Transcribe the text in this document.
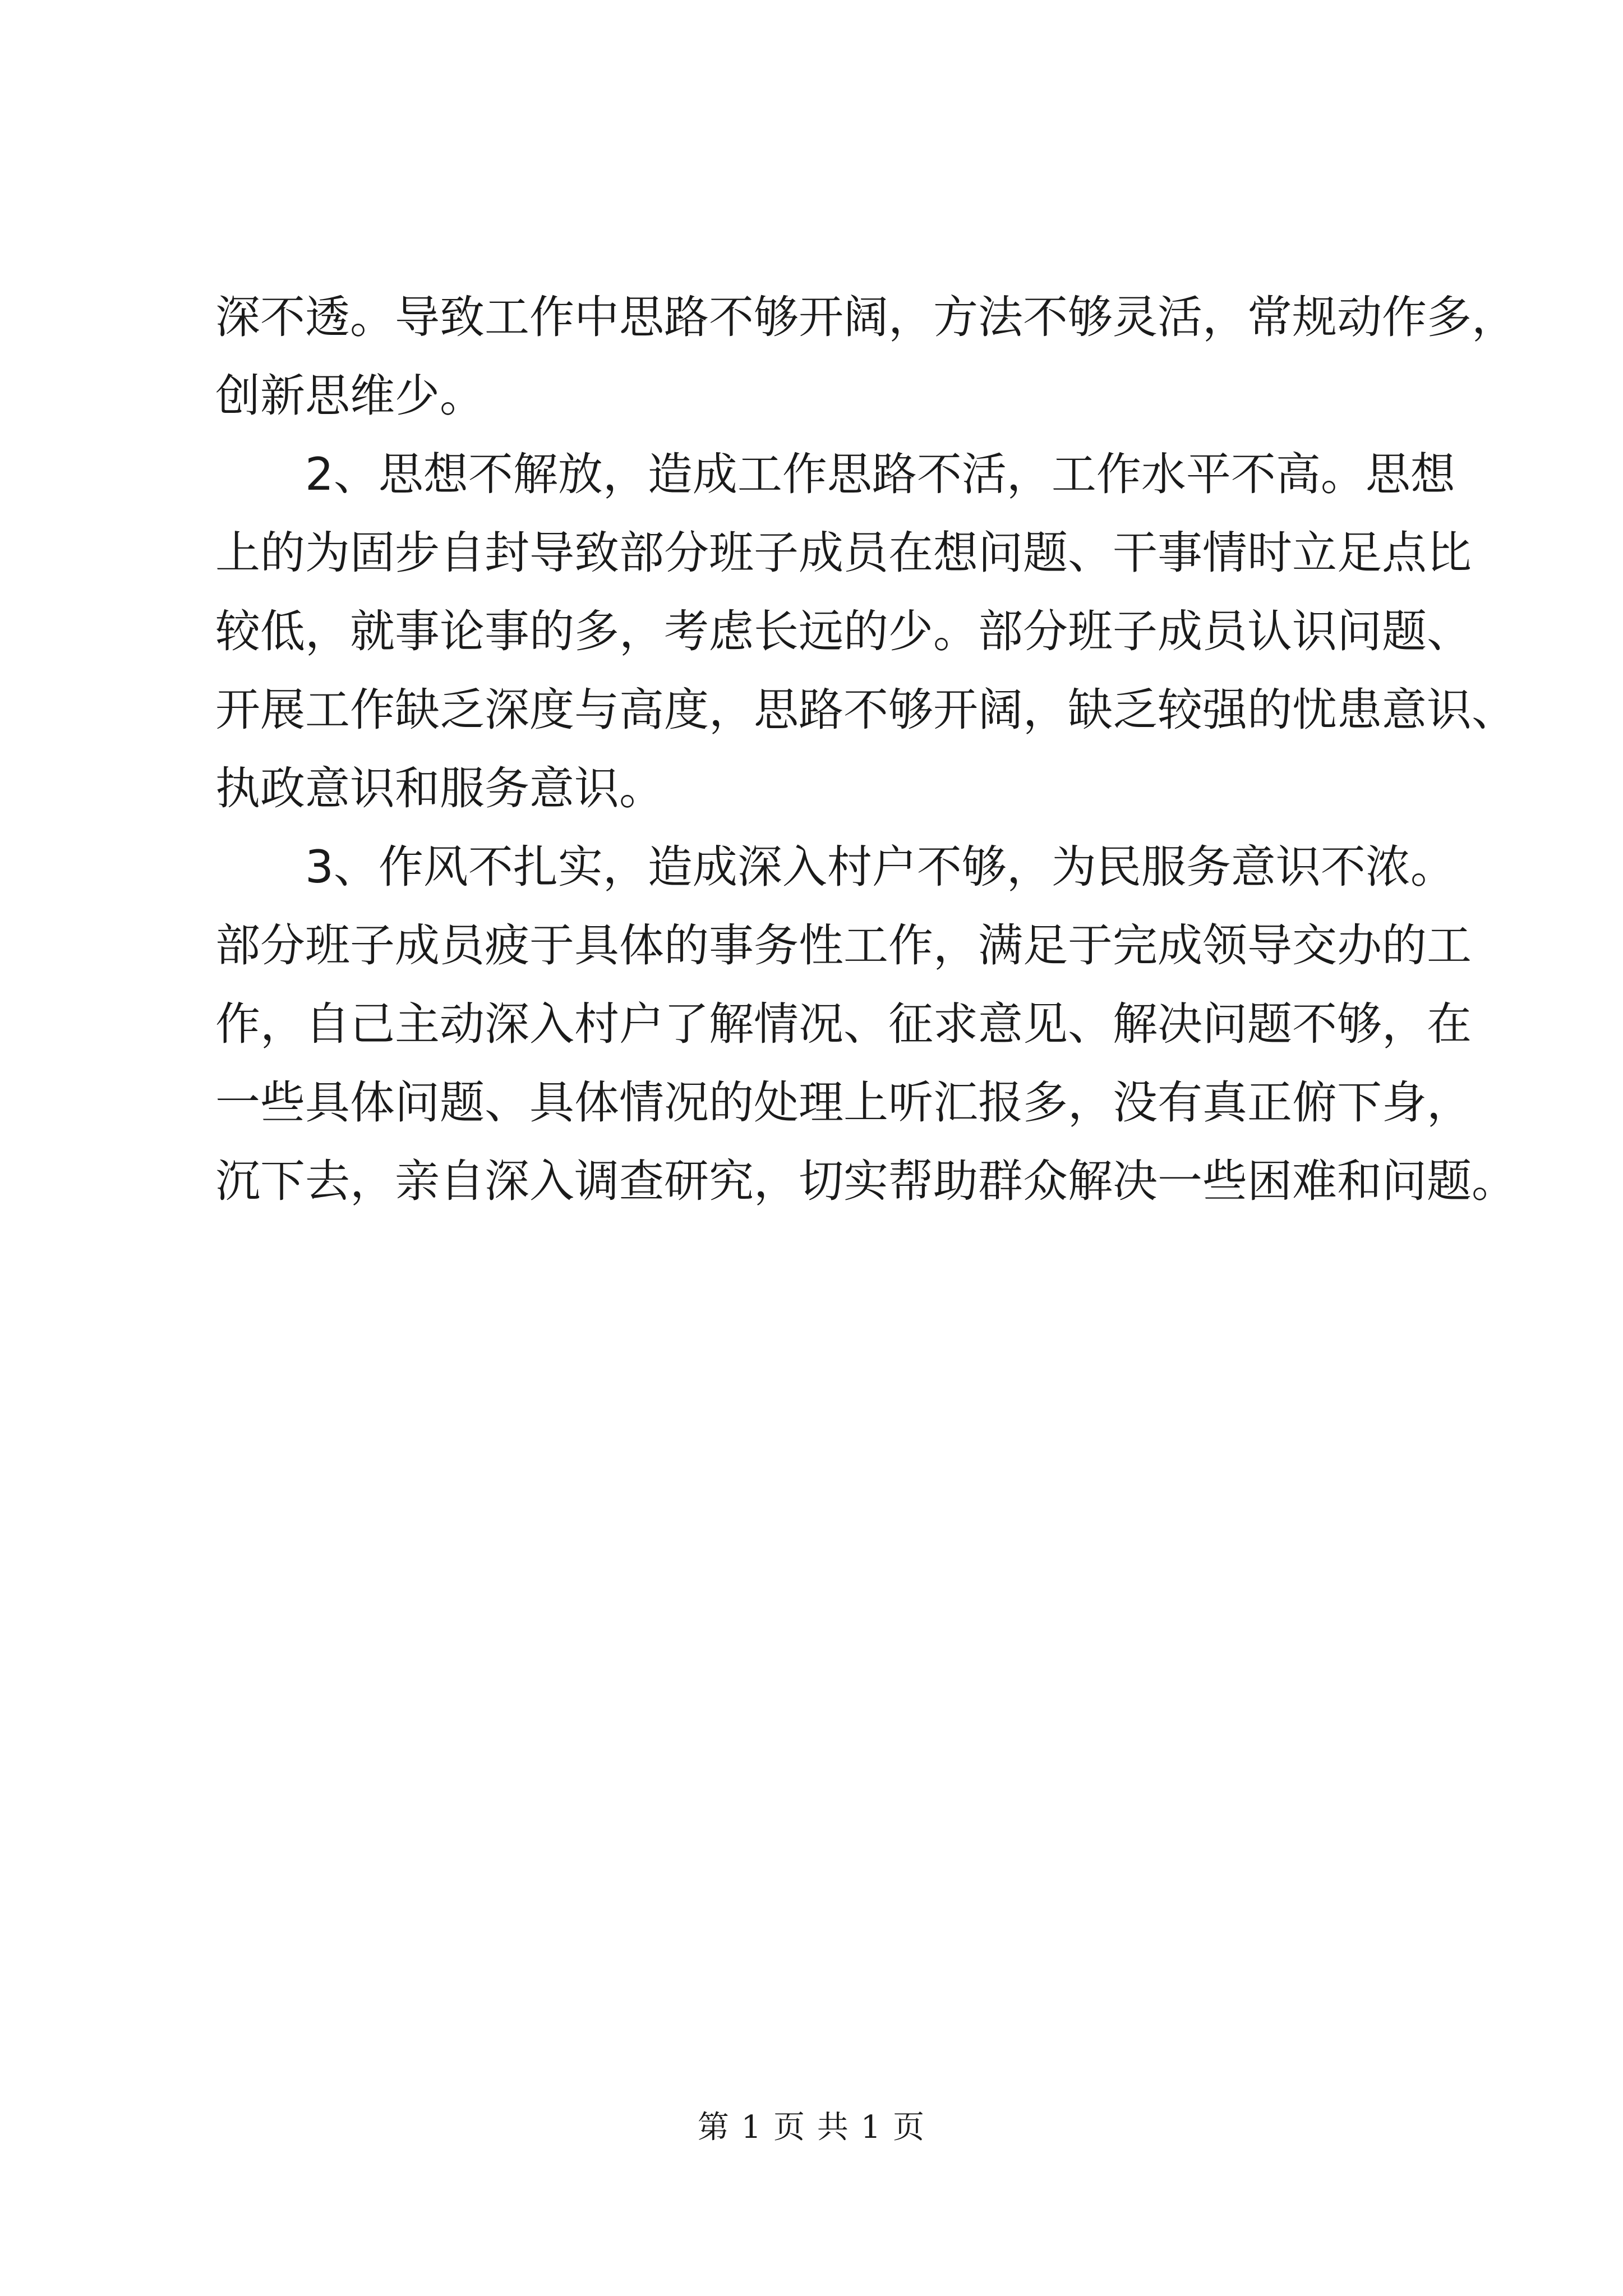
深不透。导致工作中思路不够开阔，方法不够灵活，常规动作多，
创新思维少。
2、思想不解放，造成工作思路不活，工作水平不高。思想
上的为固步自封导致部分班子成员在想问题、干事情时立足点比
较低，就事论事的多，考虑长远的少。部分班子成员认识问题、
开展工作缺乏深度与高度，思路不够开阔，缺乏较强的忧患意识、
执政意识和服务意识。
3、作风不扎实，造成深入村户不够，为民服务意识不浓。
部分班子成员疲于具体的事务性工作，满足于完成领导交办的工
作，自己主动深入村户了解情况、征求意见、解决问题不够，在
一些具体问题、具体情况的处理上听汇报多，没有真正俯下身，
沉下去，亲自深入调查研究，切实帮助群众解决一些困难和问题。
第 1 页 共 1 页
